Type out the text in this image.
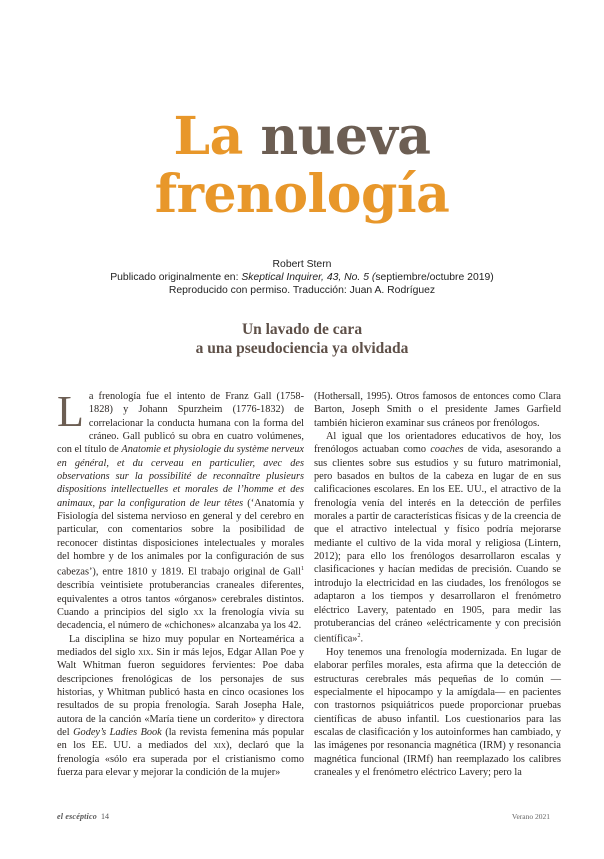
La nueva
frenología
Robert Stern
Publicado originalmente en: Skeptical Inquirer, 43, No. 5 (septiembre/octubre 2019)
Reproducido con permiso. Traducción: Juan A. Rodríguez
Un lavado de cara
a una pseudociencia ya olvidada

La frenología fue el intento de Franz Gall (1758-1828) y Johann Spurzheim (1776-1832) de correlacionar la conducta humana con la forma del cráneo. Gall publicó su obra en cuatro volúmenes, con el título de Anatomie et physiologie du système nerveux en général, et du cerveau en particulier, avec des observations sur la possibilité de reconnaître plusieurs dispositions intellectuelles et morales de l’homme et des animaux, par la configuration de leur têtes (‘Anatomía y Fisiología del sistema nervioso en general y del cerebro en particular, con comentarios sobre la posibilidad de reconocer distintas disposiciones intelectuales y morales del hombre y de los animales por la configuración de sus cabezas’), entre 1810 y 1819. El trabajo original de Gall$^1$ describía veintisiete protuberancias craneales diferentes, equivalentes a otros tantos «órganos» cerebrales distintos. Cuando a principios del siglo xx la frenología vivía su decadencia, el número de «chichones» alcanzaba ya los 42.

La disciplina se hizo muy popular en Norteamérica a mediados del siglo xix. Sin ir más lejos, Edgar Allan Poe y Walt Whitman fueron seguidores fervientes: Poe daba descripciones frenológicas de los personajes de sus historias, y Whitman publicó hasta en cinco ocasiones los resultados de su propia frenología. Sarah Josepha Hale, autora de la canción «María tiene un corderito» y directora del Godey’s Ladies Book (la revista femenina más popular en los EE. UU. a mediados del xix), declaró que la frenología «sólo era superada por el cristianismo como fuerza para elevar y mejorar la condición de la mujer»

(Hothersall, 1995). Otros famosos de entonces como Clara Barton, Joseph Smith o el presidente James Garfield también hicieron examinar sus cráneos por frenólogos.

Al igual que los orientadores educativos de hoy, los frenólogos actuaban como coaches de vida, asesorando a sus clientes sobre sus estudios y su futuro matrimonial, pero basados en bultos de la cabeza en lugar de en sus calificaciones escolares. En los EE. UU., el atractivo de la frenología venía del interés en la detección de perfiles morales a partir de características físicas y de la creencia de que el atractivo intelectual y físico podría mejorarse mediante el cultivo de la vida moral y religiosa (Lintern, 2012); para ello los frenólogos desarrollaron escalas y clasificaciones y hacían medidas de precisión. Cuando se introdujo la electricidad en las ciudades, los frenólogos se adaptaron a los tiempos y desarrollaron el frenómetro eléctrico Lavery, patentado en 1905, para medir las protuberancias del cráneo «eléctricamente y con precisión científica»$^2$.

Hoy tenemos una frenología modernizada. En lugar de elaborar perfiles morales, esta afirma que la detección de estructuras cerebrales más pequeñas de lo común —especialmente el hipocampo y la amígdala— en pacientes con trastornos psiquiátricos puede proporcionar pruebas científicas de abuso infantil. Los cuestionarios para las escalas de clasificación y los autoinformes han cambiado, y las imágenes por resonancia magnética (IRM) y resonancia magnética funcional (IRMf) han reemplazado los calibres craneales y el frenómetro eléctrico Lavery; pero la

el escéptico 14	Verano 2021
